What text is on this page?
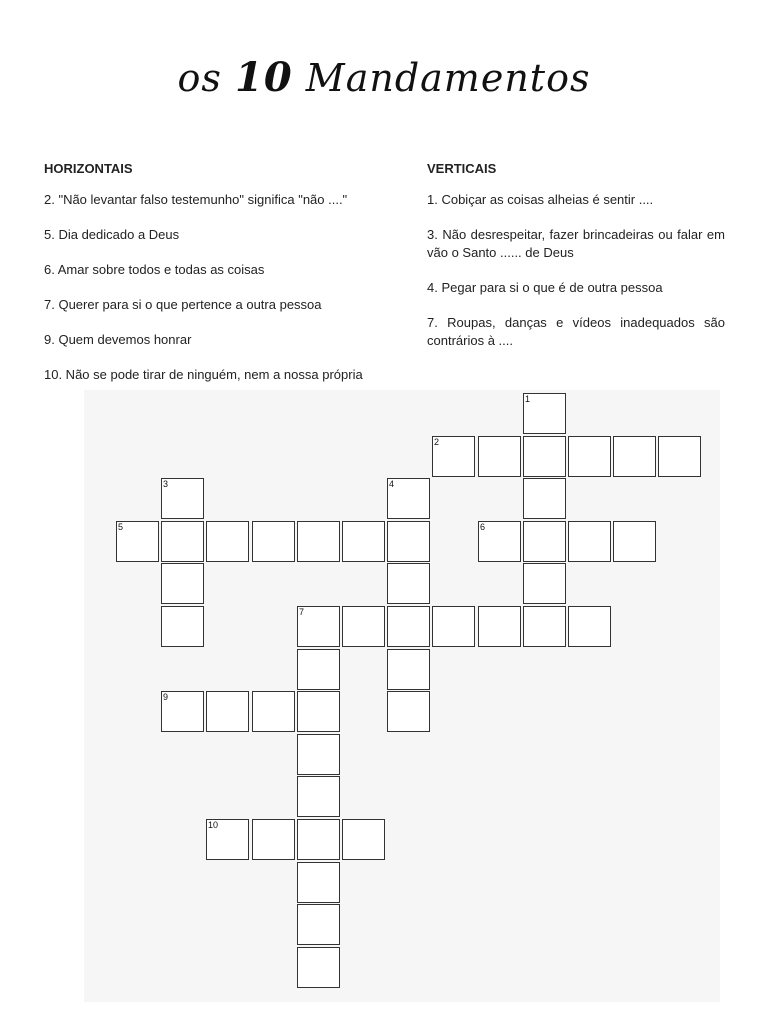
os 10 Mandamentos
HORIZONTAIS

2. "Não levantar falso testemunho" significa "não ...."

5. Dia dedicado a Deus

6. Amar sobre todos e todas as coisas

7. Querer para si o que pertence a outra pessoa

9. Quem devemos honrar

10. Não se pode tirar de ninguém, nem a nossa própria

VERTICAIS

1. Cobiçar as coisas alheias é sentir ....

3. Não desrespeitar, fazer brincadeiras ou falar em vão o Santo ...... de Deus

4. Pegar para si o que é de outra pessoa

7. Roupas, danças e vídeos inadequados são contrários à ....

2
5	6
7
9
10
1
3	4
